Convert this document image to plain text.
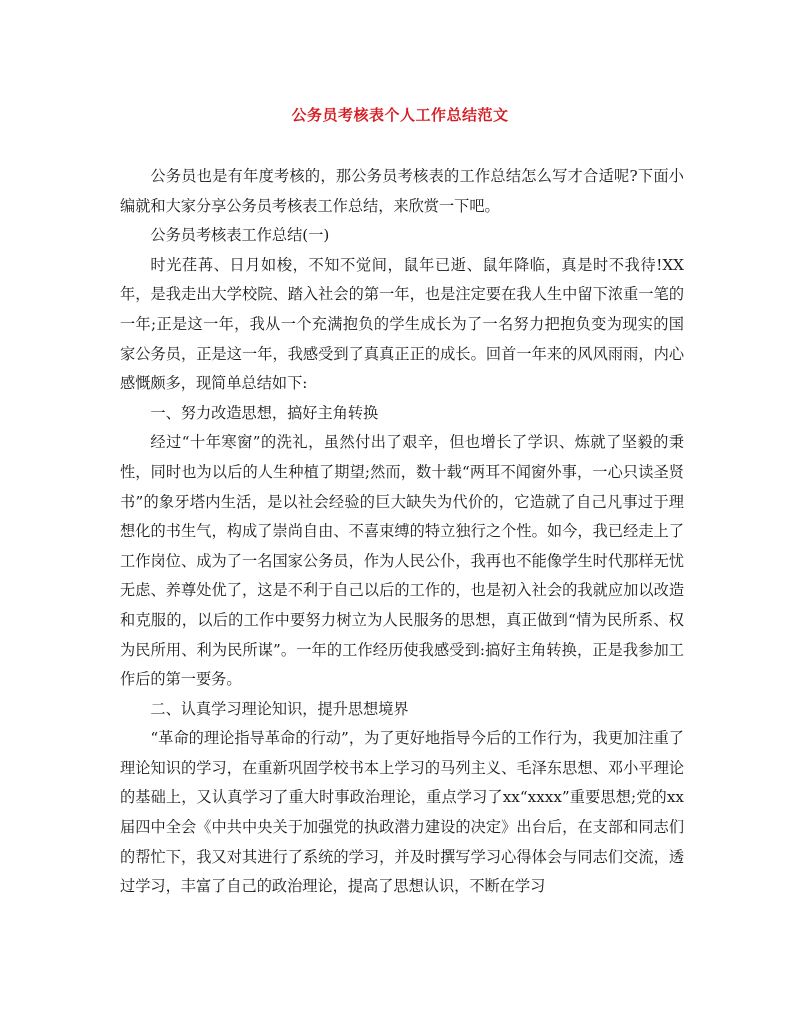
公务员考核表个人工作总结范文

公务员也是有年度考核的，那公务员考核表的工作总结怎么写才合适呢?下面小编就和大家分享公务员考核表工作总结，来欣赏一下吧。

公务员考核表工作总结(一)

时光荏苒、日月如梭，不知不觉间，鼠年已逝、鼠年降临，真是时不我待!XX年，是我走出大学校院、踏入社会的第一年，也是注定要在我人生中留下浓重一笔的一年;正是这一年，我从一个充满抱负的学生成长为了一名努力把抱负变为现实的国家公务员，正是这一年，我感受到了真真正正的成长。回首一年来的风风雨雨，内心感慨颇多，现简单总结如下:

一、努力改造思想，搞好主角转换

经过“十年寒窗”的洗礼，虽然付出了艰辛，但也增长了学识、炼就了坚毅的秉性，同时也为以后的人生种植了期望;然而，数十载“两耳不闻窗外事，一心只读圣贤书”的象牙塔内生活，是以社会经验的巨大缺失为代价的，它造就了自己凡事过于理想化的书生气，构成了崇尚自由、不喜束缚的特立独行之个性。如今，我已经走上了工作岗位、成为了一名国家公务员，作为人民公仆，我再也不能像学生时代那样无忧无虑、养尊处优了，这是不利于自己以后的工作的，也是初入社会的我就应加以改造和克服的，以后的工作中要努力树立为人民服务的思想，真正做到“情为民所系、权为民所用、利为民所谋”。一年的工作经历使我感受到:搞好主角转换，正是我参加工作后的第一要务。

二、认真学习理论知识，提升思想境界

“革命的理论指导革命的行动”，为了更好地指导今后的工作行为，我更加注重了理论知识的学习，在重新巩固学校书本上学习的马列主义、毛泽东思想、邓小平理论的基础上，又认真学习了重大时事政治理论，重点学习了xx“xxxx”重要思想;党的xx届四中全会《中共中央关于加强党的执政潜力建设的决定》出台后，在支部和同志们的帮忙下，我又对其进行了系统的学习，并及时撰写学习心得体会与同志们交流，透过学习，丰富了自己的政治理论，提高了思想认识，不断在学习
